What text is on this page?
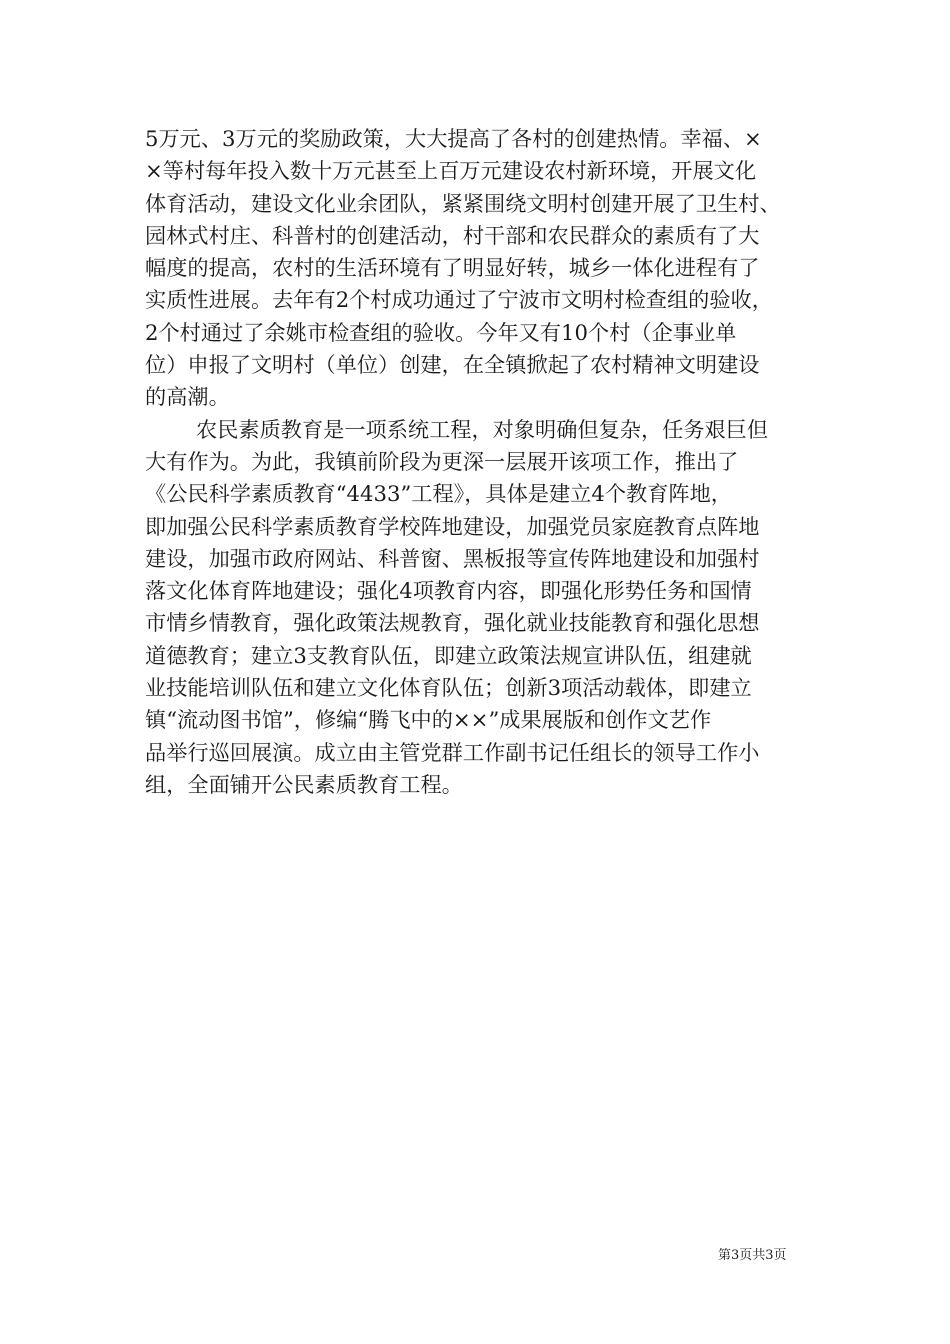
5万元、3万元的奖励政策，大大提高了各村的创建热情。幸福、×
×等村每年投入数十万元甚至上百万元建设农村新环境，开展文化
体育活动，建设文化业余团队，紧紧围绕文明村创建开展了卫生村、
园林式村庄、科普村的创建活动，村干部和农民群众的素质有了大
幅度的提高，农村的生活环境有了明显好转，城乡一体化进程有了
实质性进展。去年有2个村成功通过了宁波市文明村检查组的验收，
2个村通过了余姚市检查组的验收。今年又有10个村（企事业单
位）申报了文明村（单位）创建，在全镇掀起了农村精神文明建设
的高潮。
农民素质教育是一项系统工程，对象明确但复杂，任务艰巨但
大有作为。为此，我镇前阶段为更深一层展开该项工作，推出了
《公民科学素质教育“4433”工程》，具体是建立4个教育阵地，
即加强公民科学素质教育学校阵地建设，加强党员家庭教育点阵地
建设，加强市政府网站、科普窗、黑板报等宣传阵地建设和加强村
落文化体育阵地建设；强化4项教育内容，即强化形势任务和国情
市情乡情教育，强化政策法规教育，强化就业技能教育和强化思想
道德教育；建立3支教育队伍，即建立政策法规宣讲队伍，组建就
业技能培训队伍和建立文化体育队伍；创新3项活动载体，即建立
镇“流动图书馆”，修编“腾飞中的××”成果展版和创作文艺作
品举行巡回展演。成立由主管党群工作副书记任组长的领导工作小
组，全面铺开公民素质教育工程。
第3页共3页
